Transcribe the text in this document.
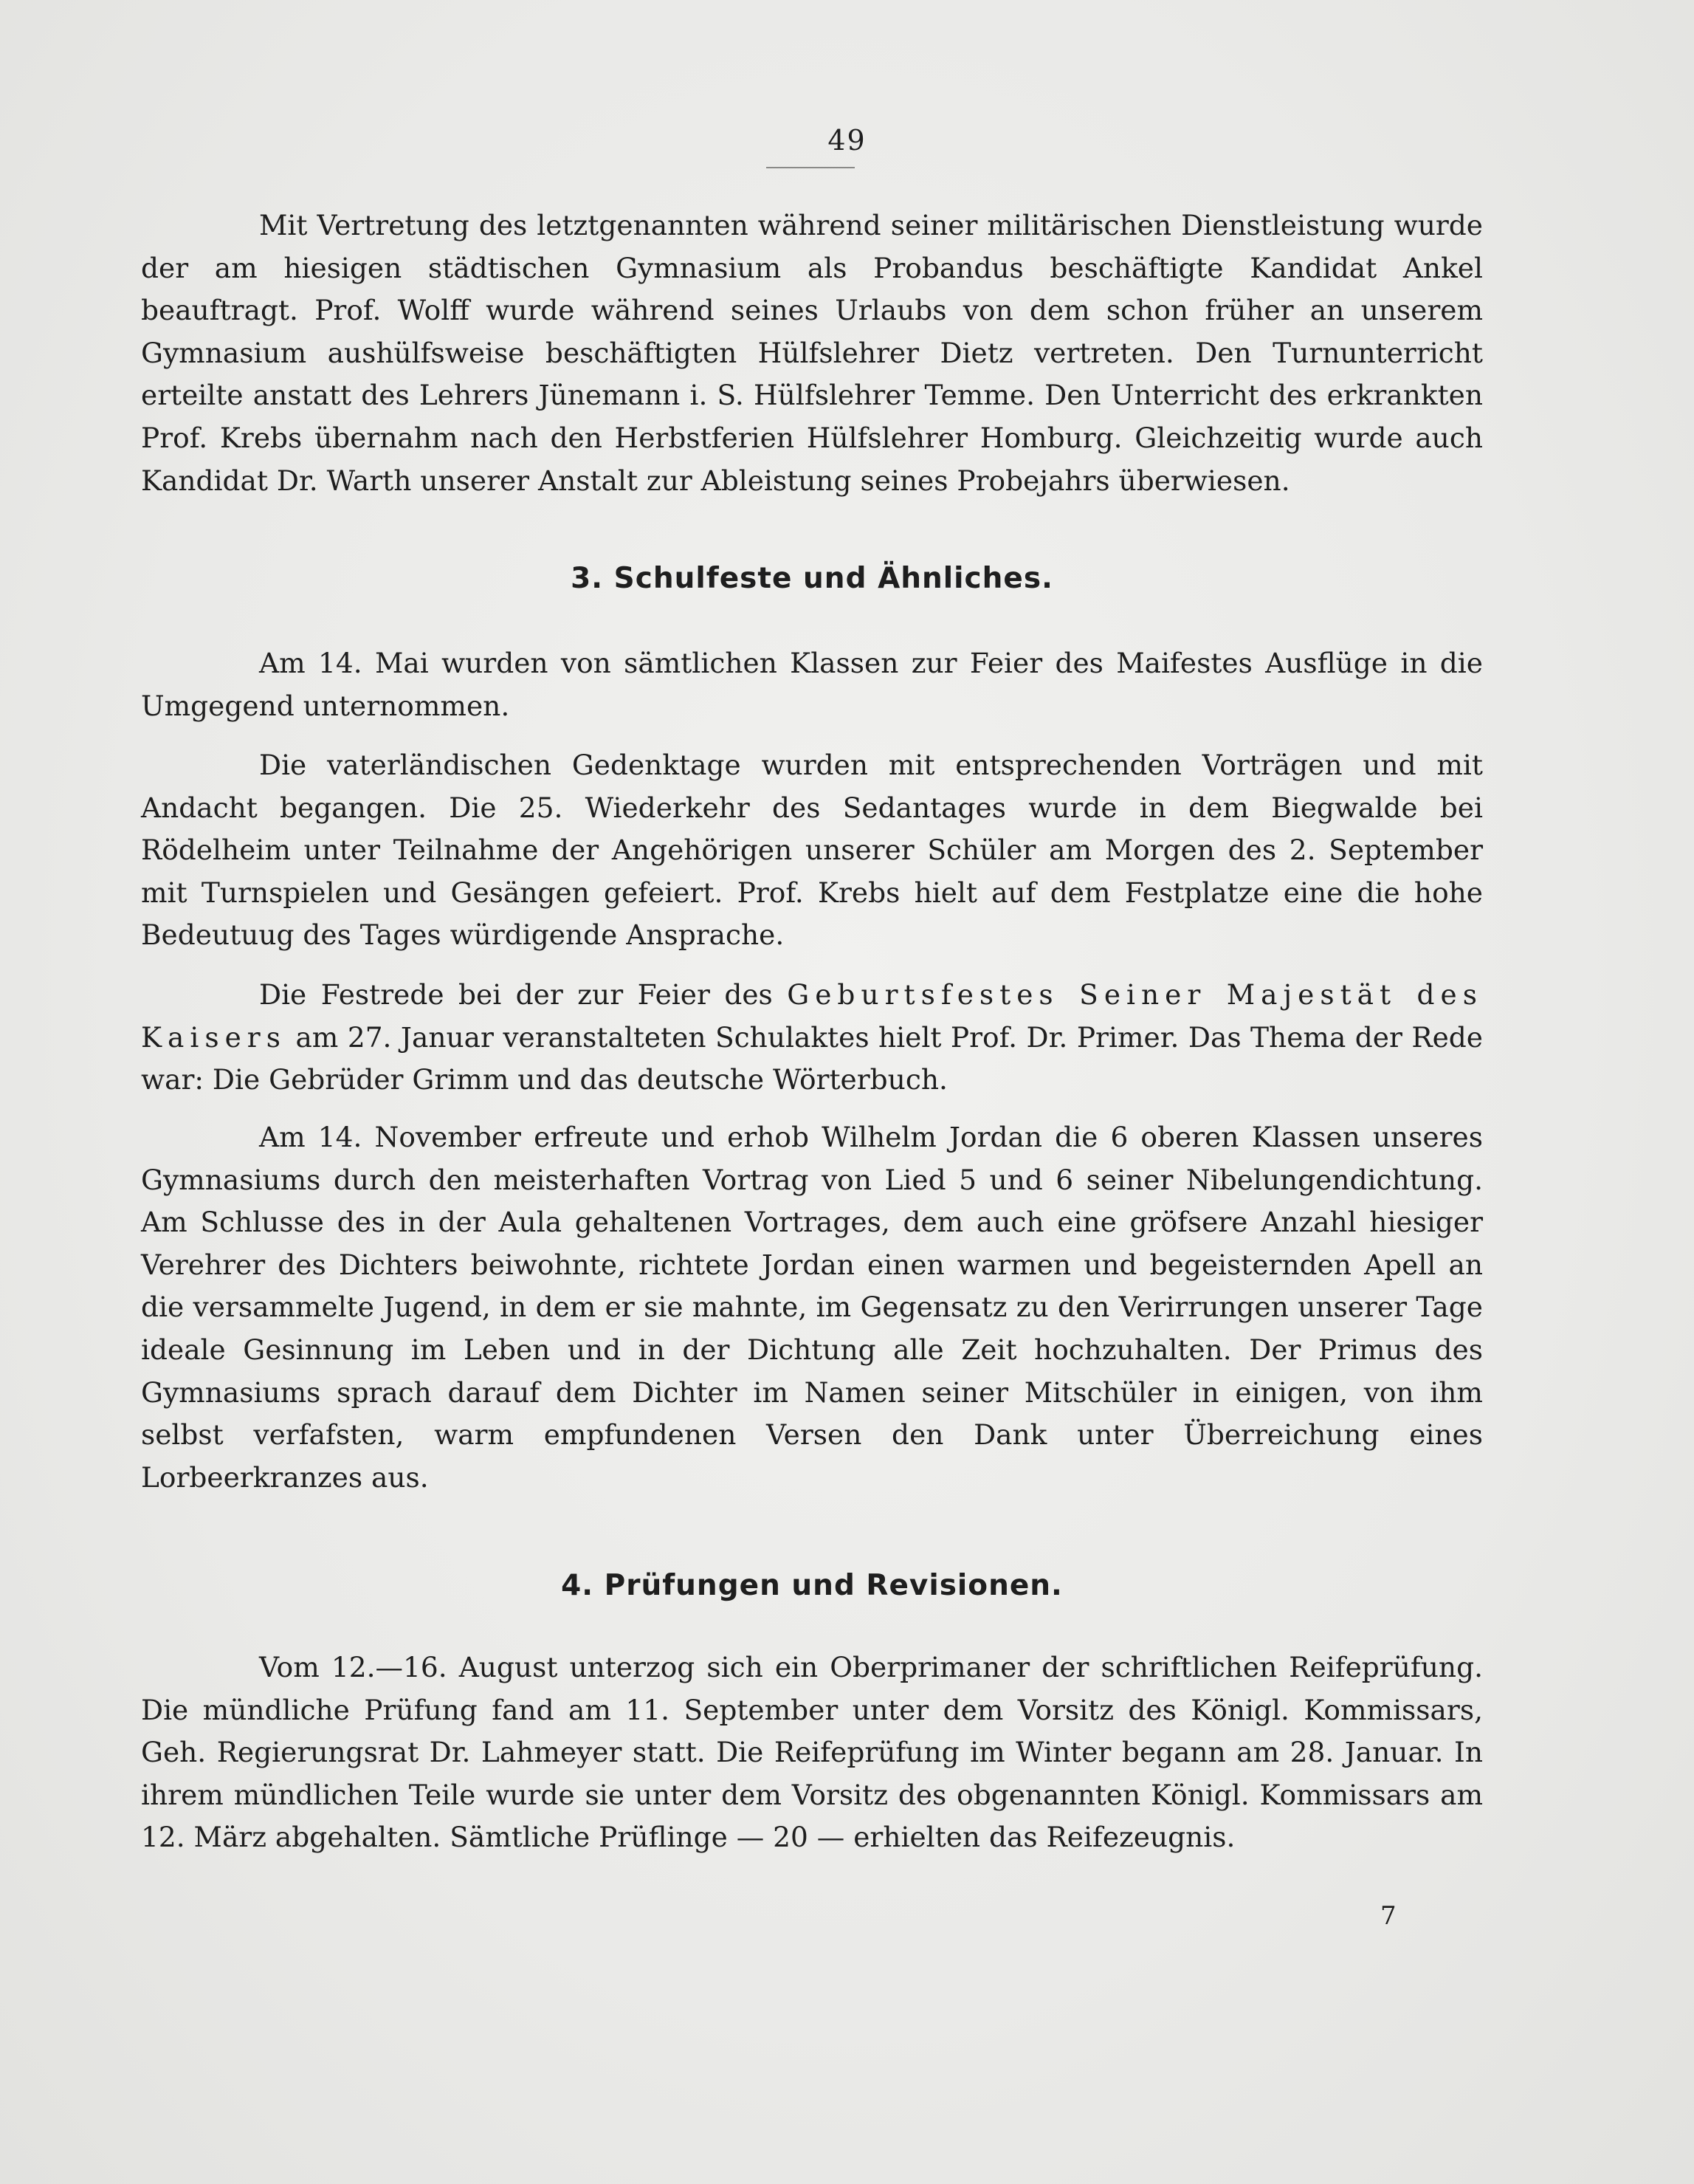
49

Mit Vertretung des letztgenannten während seiner militärischen Dienstleistung wurde der am hiesigen städtischen Gymnasium als Probandus beschäftigte Kandidat Ankel beauftragt. Prof. Wolff wurde während seines Urlaubs von dem schon früher an unserem Gymnasium aushülfsweise beschäftigten Hülfslehrer Dietz vertreten. Den Turnunterricht erteilte anstatt des Lehrers Jünemann i. S. Hülfslehrer Temme. Den Unterricht des erkrankten Prof. Krebs übernahm nach den Herbstferien Hülfslehrer Homburg. Gleichzeitig wurde auch Kandidat Dr. Warth unserer Anstalt zur Ableistung seines Probejahrs überwiesen.

3. Schulfeste und Ähnliches.

Am 14. Mai wurden von sämtlichen Klassen zur Feier des Maifestes Ausflüge in die Umgegend unternommen.

Die vaterländischen Gedenktage wurden mit entsprechenden Vorträgen und mit Andacht begangen. Die 25. Wiederkehr des Sedantages wurde in dem Biegwalde bei Rödelheim unter Teilnahme der Angehörigen unserer Schüler am Morgen des 2. September mit Turnspielen und Gesängen gefeiert. Prof. Krebs hielt auf dem Festplatze eine die hohe Bedeutuug des Tages würdigende Ansprache.

Die Festrede bei der zur Feier des Geburtsfestes Seiner Majestät des Kaisers am 27. Januar veranstalteten Schulaktes hielt Prof. Dr. Primer. Das Thema der Rede war: Die Gebrüder Grimm und das deutsche Wörterbuch.

Am 14. November erfreute und erhob Wilhelm Jordan die 6 oberen Klassen unseres Gymnasiums durch den meisterhaften Vortrag von Lied 5 und 6 seiner Nibelungendichtung. Am Schlusse des in der Aula gehaltenen Vortrages, dem auch eine gröfsere Anzahl hiesiger Verehrer des Dichters beiwohnte, richtete Jordan einen warmen und begeisternden Apell an die versammelte Jugend, in dem er sie mahnte, im Gegensatz zu den Verirrungen unserer Tage ideale Gesinnung im Leben und in der Dichtung alle Zeit hochzuhalten. Der Primus des Gymnasiums sprach darauf dem Dichter im Namen seiner Mitschüler in einigen, von ihm selbst verfafsten, warm empfundenen Versen den Dank unter Überreichung eines Lorbeerkranzes aus.

4. Prüfungen und Revisionen.

Vom 12.—16. August unterzog sich ein Oberprimaner der schriftlichen Reifeprüfung. Die mündliche Prüfung fand am 11. September unter dem Vorsitz des Königl. Kommissars, Geh. Regierungsrat Dr. Lahmeyer statt. Die Reifeprüfung im Winter begann am 28. Januar. In ihrem mündlichen Teile wurde sie unter dem Vorsitz des obgenannten Königl. Kommissars am 12. März abgehalten. Sämtliche Prüflinge — 20 — erhielten das Reifezeugnis.

7
